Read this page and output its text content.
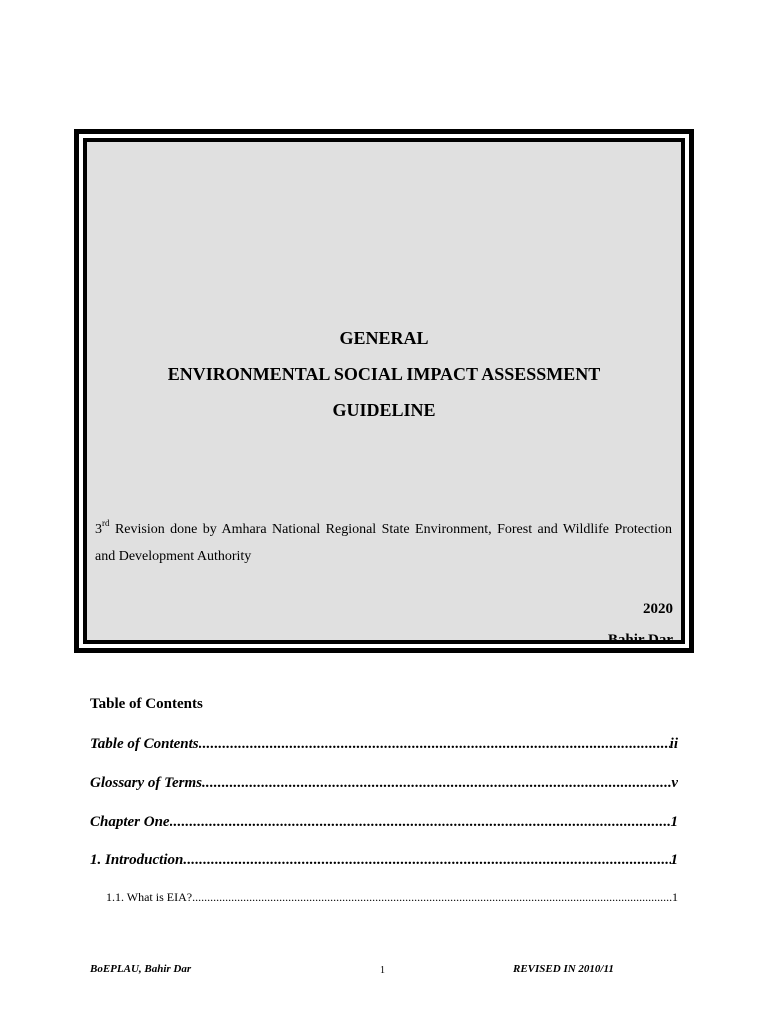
GENERAL
ENVIRONMENTAL SOCIAL IMPACT ASSESSMENT
GUIDELINE
3rd Revision done by Amhara National Regional State Environment, Forest and Wildlife Protection and Development Authority
2020
Bahir Dar
Table of Contents
Table of Contents .....	ii
Glossary of Terms .....	v
Chapter One .....	1
1. Introduction .....	1
1.1. What is EIA? .....	1
BoEPLAU, Bahir Dar	1	REVISED IN 2010/11
